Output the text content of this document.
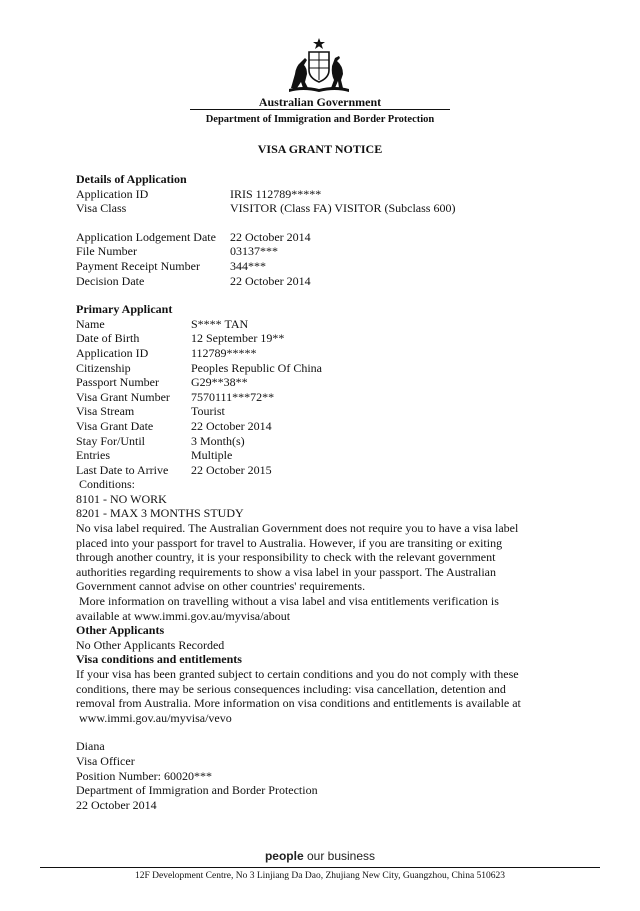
Australian Government
Department of Immigration and Border Protection
VISA GRANT NOTICE
Details of Application
Application ID	IRIS 112789*****
Visa Class	VISITOR (Class FA) VISITOR (Subclass 600)
Application Lodgement Date	22 October 2014
File Number	03137***
Payment Receipt Number	344***
Decision Date	22 October 2014
Primary Applicant
Name	S**** TAN
Date of Birth	12 September 19**
Application ID	112789*****
Citizenship	Peoples Republic Of China
Passport Number	G29**38**
Visa Grant Number	7570111***72**
Visa Stream	Tourist
Visa Grant Date	22 October 2014
Stay For/Until	3 Month(s)
Entries	Multiple
Last Date to Arrive	22 October 2015
Conditions:
8101 - NO WORK
8201 - MAX 3 MONTHS STUDY
No visa label required. The Australian Government does not require you to have a visa label
placed into your passport for travel to Australia. However, if you are transiting or exiting
through another country, it is your responsibility to check with the relevant government
authorities regarding requirements to show a visa label in your passport. The Australian
Government cannot advise on other countries' requirements.
More information on travelling without a visa label and visa entitlements verification is
available at www.immi.gov.au/myvisa/about
Other Applicants
No Other Applicants Recorded
Visa conditions and entitlements
If your visa has been granted subject to certain conditions and you do not comply with these
conditions, there may be serious consequences including: visa cancellation, detention and
removal from Australia. More information on visa conditions and entitlements is available at
www.immi.gov.au/myvisa/vevo
Diana
Visa Officer
Position Number: 60020***
Department of Immigration and Border Protection
22 October 2014
people our business
12F Development Centre, No 3 Linjiang Da Dao, Zhujiang New City, Guangzhou, China 510623
